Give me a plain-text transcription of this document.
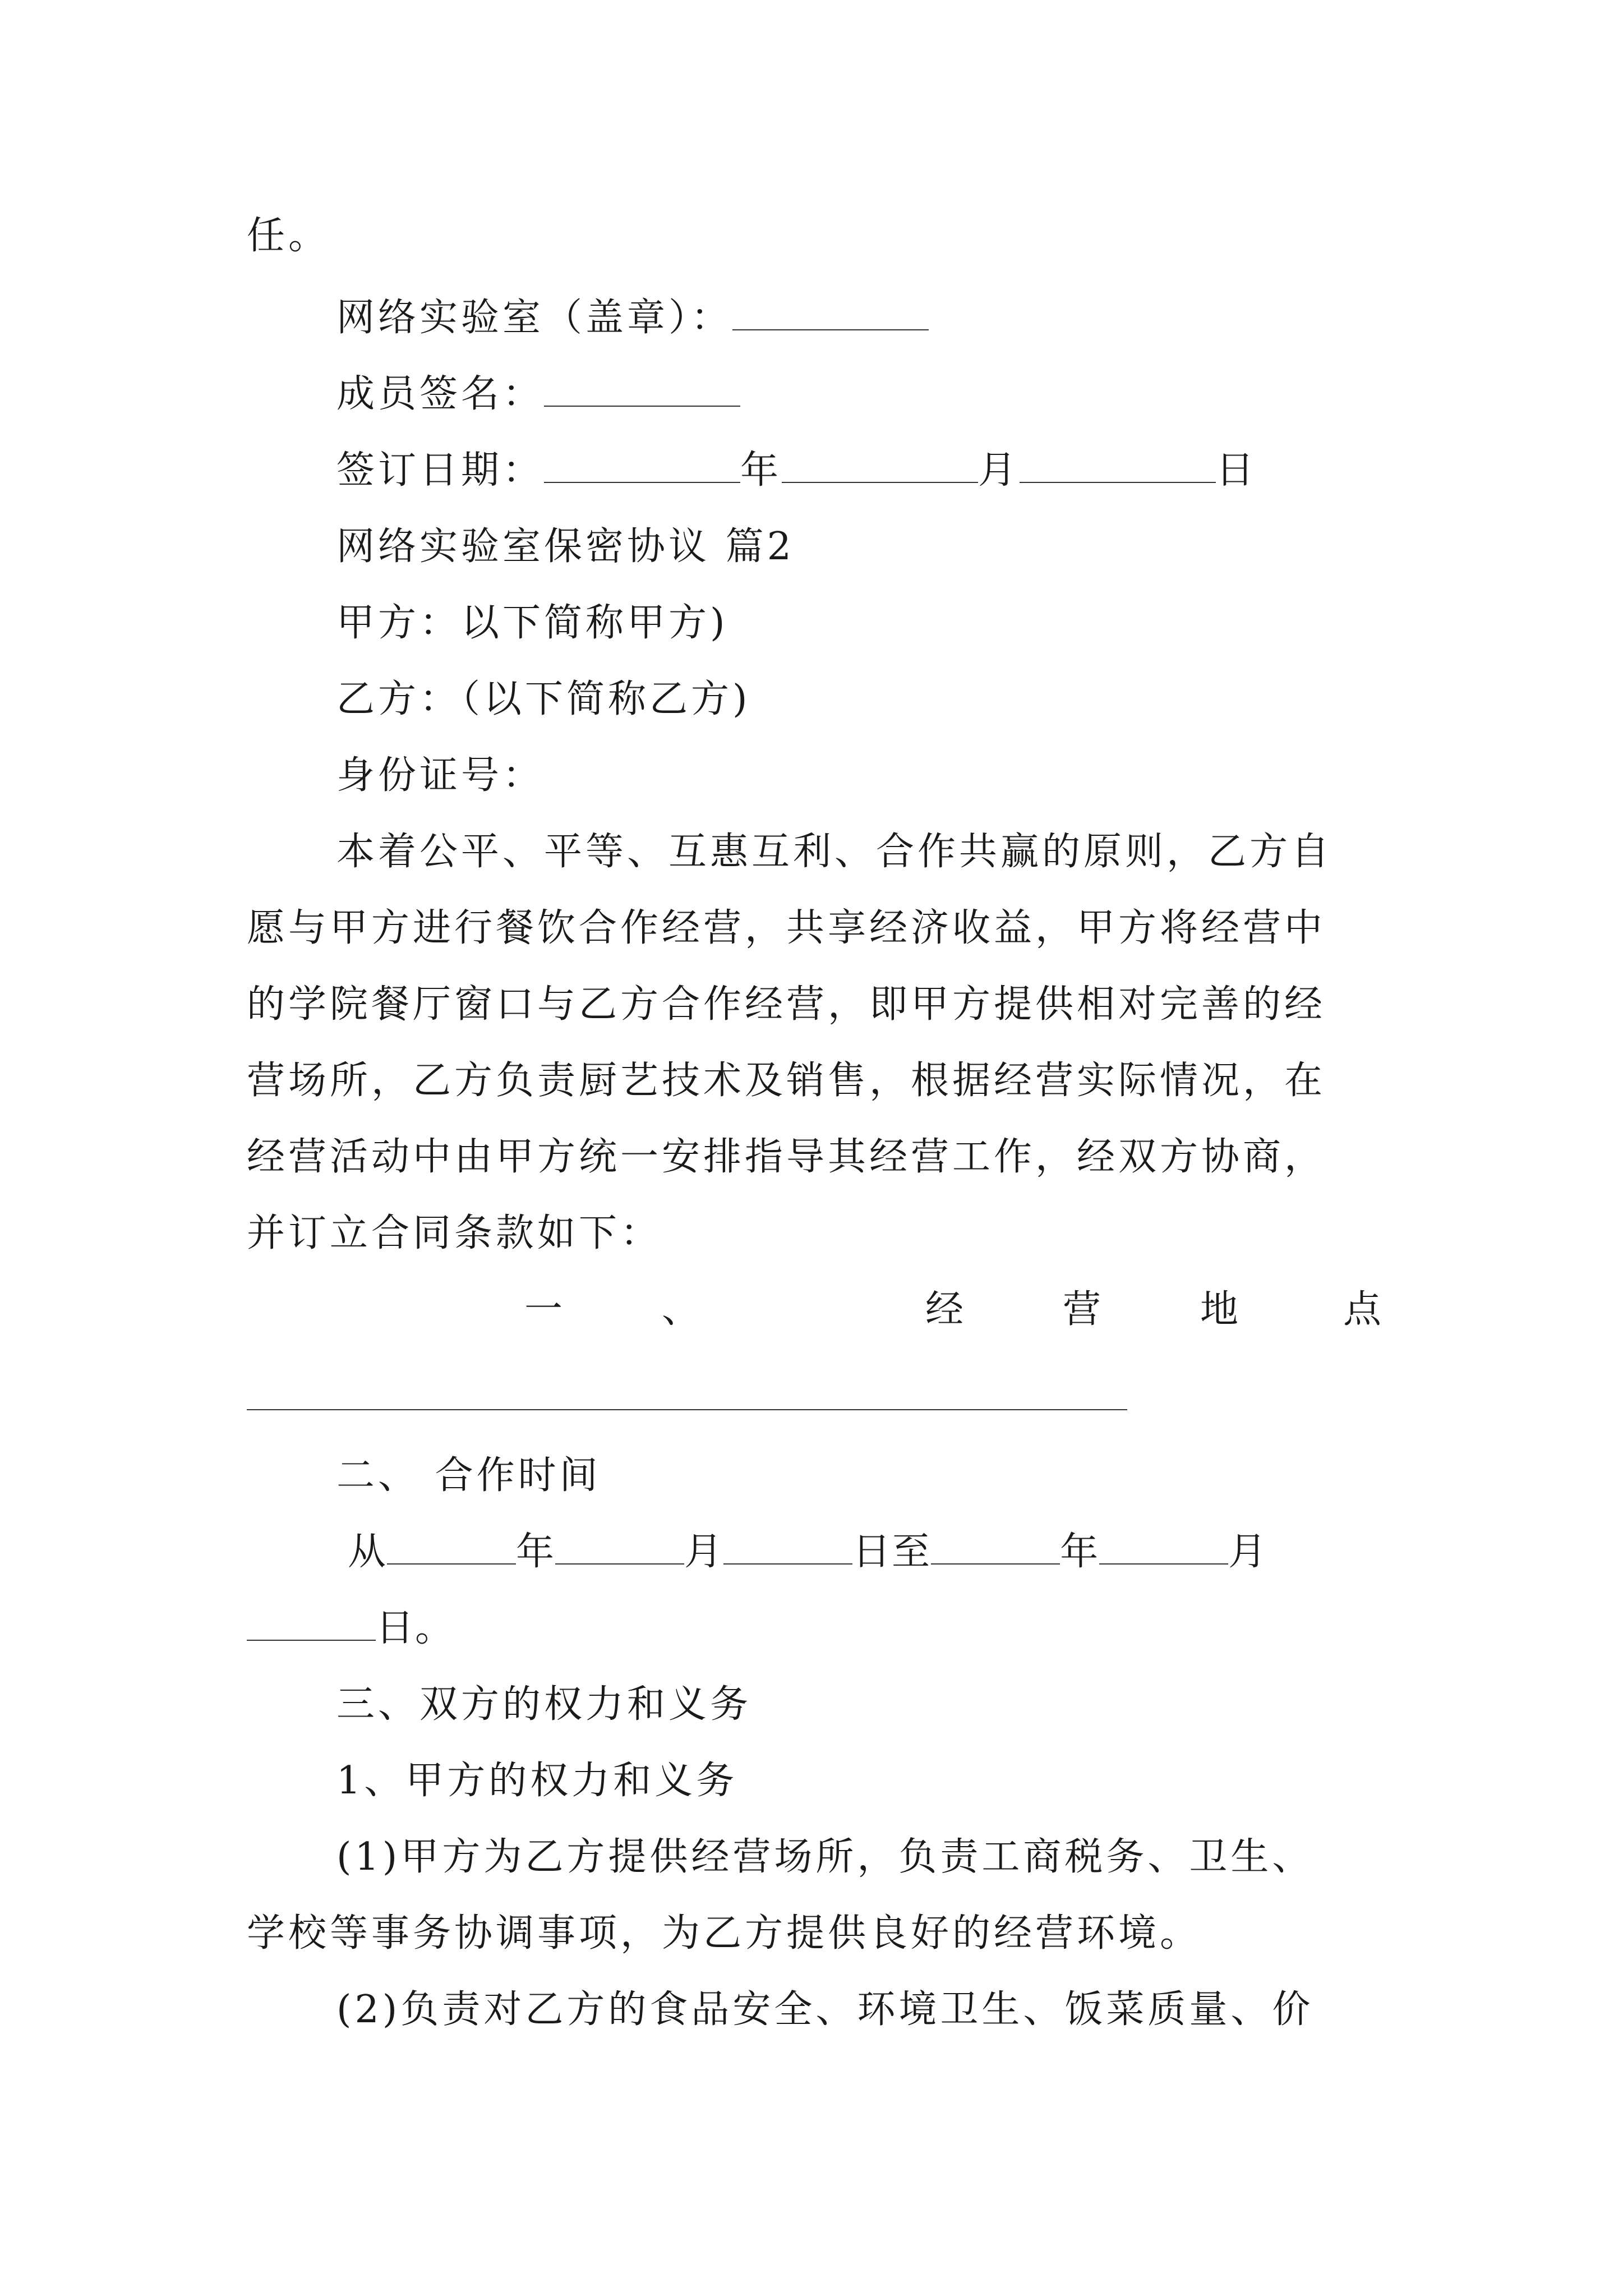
任。
网络实验室（盖章）：
成员签名：
签订日期：	年	月	日
网络实验室保密协议 篇2
甲方：以下简称甲方)
乙方：（以下简称乙方)
身份证号：
本着公平、平等、互惠互利、合作共赢的原则，乙方自
愿与甲方进行餐饮合作经营，共享经济收益，甲方将经营中
的学院餐厅窗口与乙方合作经营，即甲方提供相对完善的经
营场所，乙方负责厨艺技术及销售，根据经营实际情况，在
经营活动中由甲方统一安排指导其经营工作，经双方协商，
并订立合同条款如下：
一	、	经	营	地	点
二、 合作时间
从	年	月	日至	年	月
日。
三、双方的权力和义务
1、甲方的权力和义务
(1)甲方为乙方提供经营场所，负责工商税务、卫生、
学校等事务协调事项，为乙方提供良好的经营环境。
(2)负责对乙方的食品安全、环境卫生、饭菜质量、价
